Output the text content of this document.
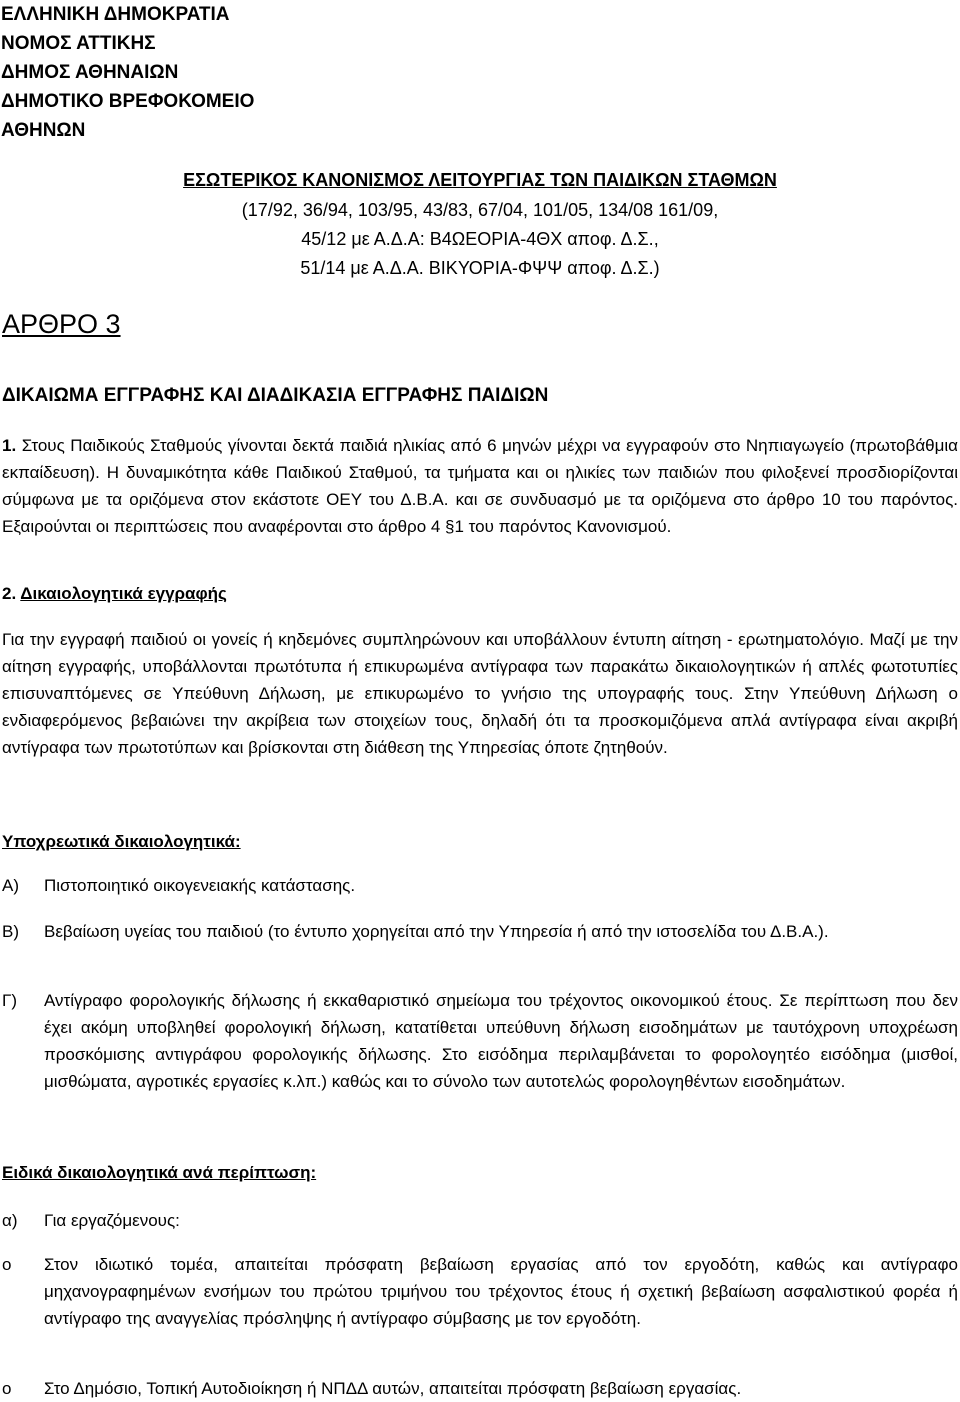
ΕΛΛΗΝΙΚΗ ΔΗΜΟΚΡΑΤΙΑ
ΝΟΜΟΣ ΑΤΤΙΚΗΣ
ΔΗΜΟΣ ΑΘΗΝΑΙΩΝ
ΔΗΜΟΤΙΚΟ ΒΡΕΦΟΚΟΜΕΙΟ
ΑΘΗΝΩΝ
ΕΣΩΤΕΡΙΚΟΣ ΚΑΝΟΝΙΣΜΟΣ ΛΕΙΤΟΥΡΓΙΑΣ ΤΩΝ ΠΑΙΔΙΚΩΝ ΣΤΑΘΜΩΝ
(17/92, 36/94, 103/95, 43/83, 67/04, 101/05, 134/08 161/09,
45/12 με Α.Δ.Α: Β4ΩΕΟΡΙΑ-4ΘΧ αποφ. Δ.Σ.,
51/14 με Α.Δ.Α. ΒΙΚΥΟΡΙΑ-ΦΨΨ αποφ. Δ.Σ.)
ΑΡΘΡΟ 3
ΔΙΚΑΙΩΜΑ ΕΓΓΡΑΦΗΣ ΚΑΙ ΔΙΑΔΙΚΑΣΙΑ ΕΓΓΡΑΦΗΣ ΠΑΙΔΙΩΝ
1. Στους Παιδικούς Σταθμούς γίνονται δεκτά παιδιά ηλικίας από 6 μηνών μέχρι να εγγραφούν στο Νηπιαγωγείο (πρωτοβάθμια εκπαίδευση). Η δυναμικότητα κάθε Παιδικού Σταθμού, τα τμήματα και οι ηλικίες των παιδιών που φιλοξενεί προσδιορίζονται σύμφωνα με τα οριζόμενα στον εκάστοτε ΟΕΥ του Δ.Β.Α. και σε συνδυασμό με τα οριζόμενα στο άρθρο 10 του παρόντος. Εξαιρούνται οι περιπτώσεις που αναφέρονται στο άρθρο 4 §1 του παρόντος Κανονισμού.
2. Δικαιολογητικά εγγραφής
Για την εγγραφή παιδιού οι γονείς ή κηδεμόνες συμπληρώνουν και υποβάλλουν έντυπη αίτηση - ερωτηματολόγιο. Μαζί με την αίτηση εγγραφής, υποβάλλονται πρωτότυπα ή επικυρωμένα αντίγραφα των παρακάτω δικαιολογητικών ή απλές φωτοτυπίες επισυναπτόμενες σε Υπεύθυνη Δήλωση, με επικυρωμένο το γνήσιο της υπογραφής τους. Στην Υπεύθυνη Δήλωση ο ενδιαφερόμενος βεβαιώνει την ακρίβεια των στοιχείων τους, δηλαδή ότι τα προσκομιζόμενα απλά αντίγραφα είναι ακριβή αντίγραφα των πρωτοτύπων και βρίσκονται στη διάθεση της Υπηρεσίας όποτε ζητηθούν.
Υποχρεωτικά δικαιολογητικά:
Α)	Πιστοποιητικό οικογενειακής κατάστασης.
Β)	Βεβαίωση υγείας του παιδιού (το έντυπο χορηγείται από την Υπηρεσία ή από την ιστοσελίδα του Δ.Β.Α.).
Γ)	Αντίγραφο φορολογικής δήλωσης ή εκκαθαριστικό σημείωμα του τρέχοντος οικονομικού έτους. Σε περίπτωση που δεν έχει ακόμη υποβληθεί φορολογική δήλωση, κατατίθεται υπεύθυνη δήλωση εισοδημάτων με ταυτόχρονη υποχρέωση προσκόμισης αντιγράφου φορολογικής δήλωσης. Στο εισόδημα περιλαμβάνεται το φορολογητέο εισόδημα (μισθοί, μισθώματα, αγροτικές εργασίες κ.λπ.) καθώς και το σύνολο των αυτοτελώς φορολογηθέντων εισοδημάτων.
Ειδικά δικαιολογητικά ανά περίπτωση:
α)	Για εργαζόμενους:
o	Στον ιδιωτικό τομέα, απαιτείται πρόσφατη βεβαίωση εργασίας από τον εργοδότη, καθώς και αντίγραφο μηχανογραφημένων ενσήμων του πρώτου τριμήνου του τρέχοντος έτους ή σχετική βεβαίωση ασφαλιστικού φορέα ή αντίγραφο της αναγγελίας πρόσληψης ή αντίγραφο σύμβασης με τον εργοδότη.
o	Στο Δημόσιο, Τοπική Αυτοδιοίκηση ή ΝΠΔΔ αυτών, απαιτείται πρόσφατη βεβαίωση εργασίας.
